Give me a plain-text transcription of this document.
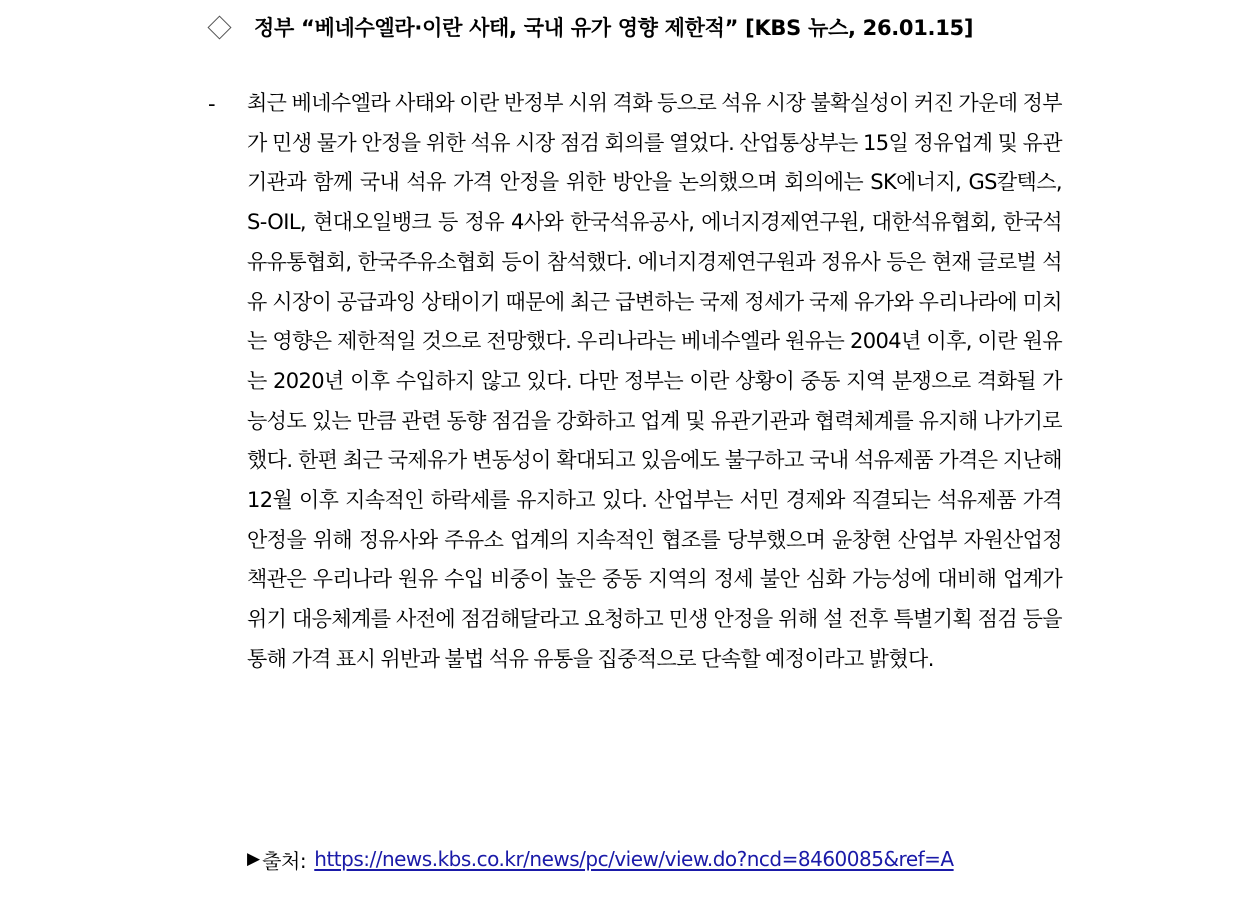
정부 “베네수엘라·이란 사태, 국내 유가 영향 제한적” [KBS 뉴스, 26.01.15]
- 최근 베네수엘라 사태와 이란 반정부 시위 격화 등으로 석유 시장 불확실성이 커진 가운데 정부가 민생 물가 안정을 위한 석유 시장 점검 회의를 열었다. 산업통상부는 15일 정유업계 및 유관기관과 함께 국내 석유 가격 안정을 위한 방안을 논의했으며 회의에는 SK에너지, GS칼텍스, S-OIL, 현대오일뱅크 등 정유 4사와 한국석유공사, 에너지경제연구원, 대한석유협회, 한국석유유통협회, 한국주유소협회 등이 참석했다. 에너지경제연구원과 정유사 등은 현재 글로벌 석유 시장이 공급과잉 상태이기 때문에 최근 급변하는 국제 정세가 국제 유가와 우리나라에 미치는 영향은 제한적일 것으로 전망했다. 우리나라는 베네수엘라 원유는 2004년 이후, 이란 원유는 2020년 이후 수입하지 않고 있다. 다만 정부는 이란 상황이 중동 지역 분쟁으로 격화될 가능성도 있는 만큼 관련 동향 점검을 강화하고 업계 및 유관기관과 협력체계를 유지해 나가기로 했다. 한편 최근 국제유가 변동성이 확대되고 있음에도 불구하고 국내 석유제품 가격은 지난해 12월 이후 지속적인 하락세를 유지하고 있다. 산업부는 서민 경제와 직결되는 석유제품 가격 안정을 위해 정유사와 주유소 업계의 지속적인 협조를 당부했으며 윤창현 산업부 자원산업정책관은 우리나라 원유 수입 비중이 높은 중동 지역의 정세 불안 심화 가능성에 대비해 업계가 위기 대응체계를 사전에 점검해달라고 요청하고 민생 안정을 위해 설 전후 특별기획 점검 등을 통해 가격 표시 위반과 불법 석유 유통을 집중적으로 단속할 예정이라고 밝혔다.

▶ 출처: https://news.kbs.co.kr/news/pc/view/view.do?ncd=8460085&ref=A
